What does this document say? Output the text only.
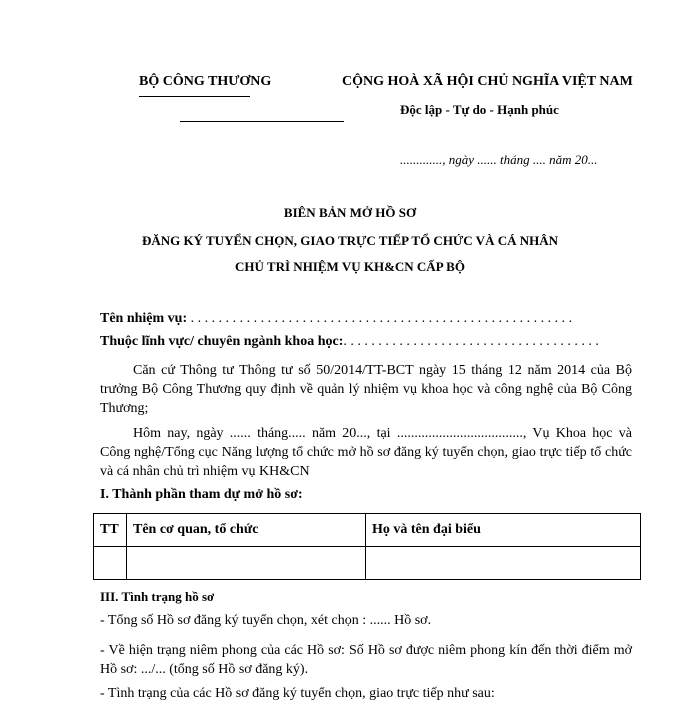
BỘ CÔNG THƯƠNG	CỘNG HOÀ XÃ HỘI CHỦ NGHĨA VIỆT NAM
Độc lập - Tự do - Hạnh phúc
............., ngày ...... tháng .... năm 20...
BIÊN BẢN MỞ HỒ SƠ
ĐĂNG KÝ TUYỂN CHỌN, GIAO TRỰC TIẾP TỔ CHỨC VÀ CÁ NHÂN
CHỦ TRÌ NHIỆM VỤ KH&CN CẤP BỘ
Tên nhiệm vụ: . . . . . . . . . . . . . . . . . . . . . . . . . . . . . . . . . . . . . . . . . . . . . . . . . . . . . . .
Thuộc lĩnh vực/ chuyên ngành khoa học:. . . . . . . . . . . . . . . . . . . . . . . . . . . . . . . . . . . . .
Căn cứ Thông tư Thông tư số 50/2014/TT-BCT ngày 15 tháng 12 năm 2014 của Bộ trưởng Bộ Công Thương quy định về quản lý nhiệm vụ khoa học và công nghệ của Bộ Công Thương;
Hôm nay, ngày ...... tháng..... năm 20..., tại ...................................., Vụ Khoa học và Công nghệ/Tổng cục Năng lượng tổ chức mở hồ sơ đăng ký tuyển chọn, giao trực tiếp tổ chức và cá nhân chủ trì nhiệm vụ KH&CN
I. Thành phần tham dự mở hồ sơ:
TT	Tên cơ quan, tổ chức	Họ và tên đại biểu

III. Tình trạng hồ sơ
- Tổng số Hồ sơ đăng ký tuyển chọn, xét chọn : ...... Hồ sơ.
- Về hiện trạng niêm phong của các Hồ sơ: Số Hồ sơ được niêm phong kín đến thời điểm mở Hồ sơ: .../... (tổng số Hồ sơ đăng ký).
- Tình trạng của các Hồ sơ đăng ký tuyển chọn, giao trực tiếp như sau:
